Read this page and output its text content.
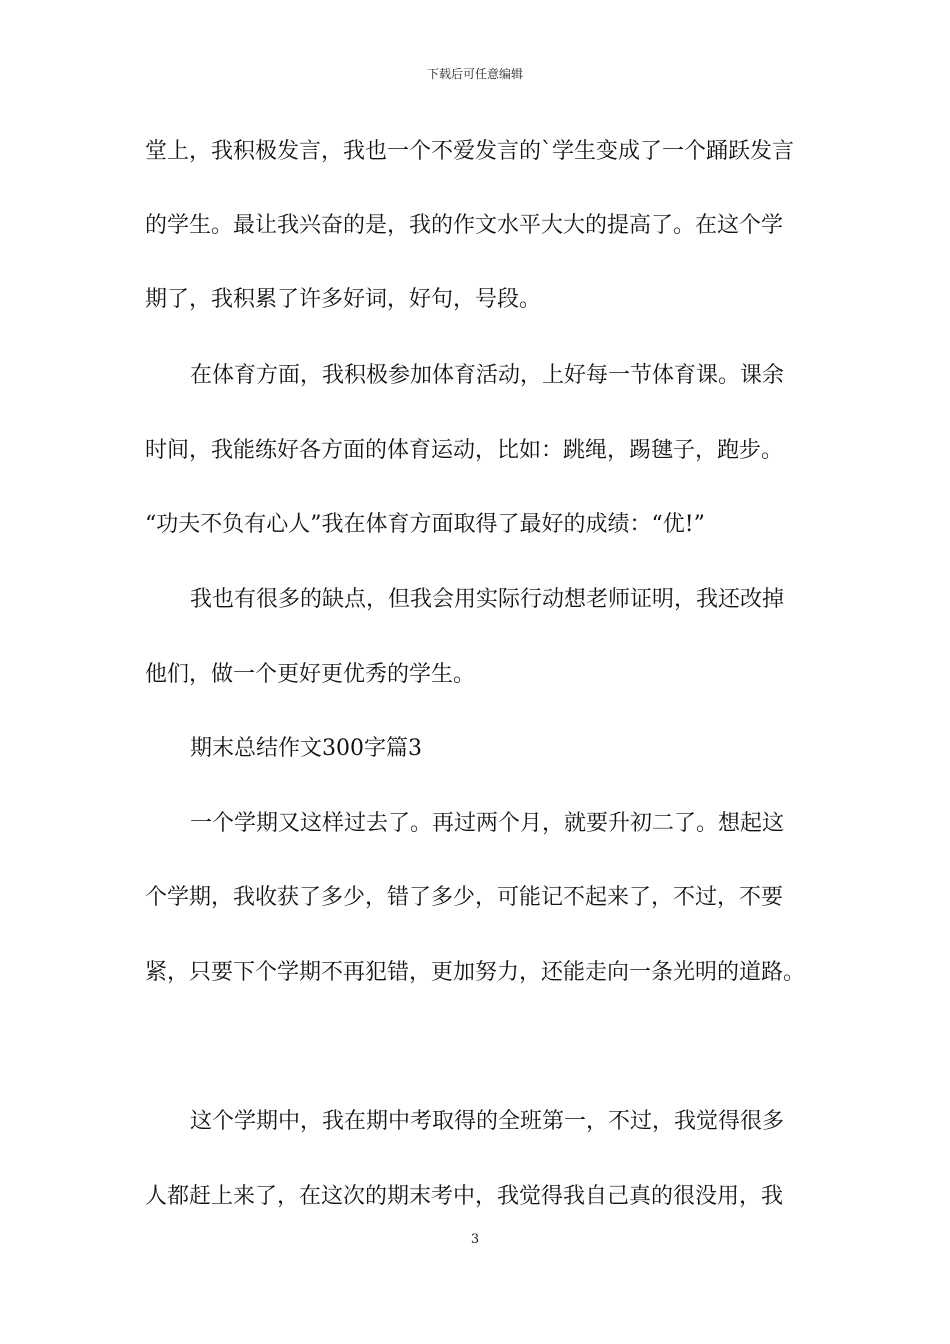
下载后可任意编辑
堂上，我积极发言，我也一个不爱发言的`学生变成了一个踊跃发言
的学生。最让我兴奋的是，我的作文水平大大的提高了。在这个学
期了，我积累了许多好词，好句，号段。
在体育方面，我积极参加体育活动，上好每一节体育课。课余
时间，我能练好各方面的体育运动，比如：跳绳，踢毽子，跑步。
“功夫不负有心人”我在体育方面取得了最好的成绩：“优!”
我也有很多的缺点，但我会用实际行动想老师证明，我还改掉
他们，做一个更好更优秀的学生。
期末总结作文300字篇3
一个学期又这样过去了。再过两个月，就要升初二了。想起这
个学期，我收获了多少，错了多少，可能记不起来了，不过，不要
紧，只要下个学期不再犯错，更加努力，还能走向一条光明的道路。
这个学期中，我在期中考取得的全班第一，不过，我觉得很多
人都赶上来了，在这次的期末考中，我觉得我自己真的很没用，我
3
